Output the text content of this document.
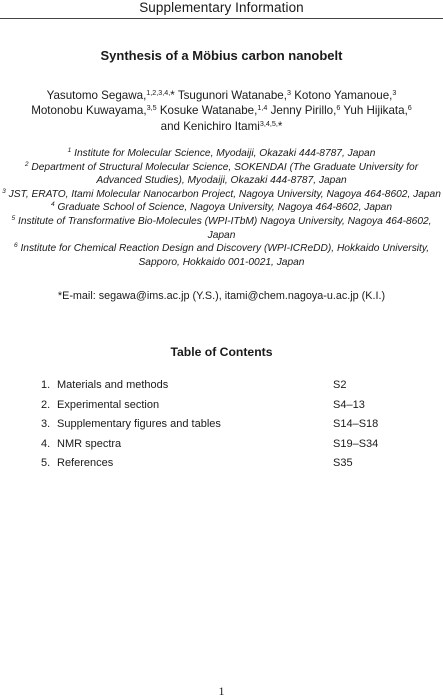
Supplementary Information
Synthesis of a Möbius carbon nanobelt
Yasutomo Segawa,$^{1,2,3,4,}$* Tsugunori Watanabe,$^3$ Kotono Yamanoue,$^3$
Motonobu Kuwayama,$^{3,5}$ Kosuke Watanabe,$^{1,4}$ Jenny Pirillo,$^6$ Yuh Hijikata,$^6$
and Kenichiro Itami$^{3,4,5,}$*

$^1$ Institute for Molecular Science, Myodaiji, Okazaki 444-8787, Japan

$^2$ Department of Structural Molecular Science, SOKENDAI (The Graduate University for Advanced Studies), Myodaiji, Okazaki 444-8787, Japan

$^3$ JST, ERATO, Itami Molecular Nanocarbon Project, Nagoya University, Nagoya 464-8602, Japan

$^4$ Graduate School of Science, Nagoya University, Nagoya 464-8602, Japan

$^5$ Institute of Transformative Bio-Molecules (WPI-ITbM) Nagoya University, Nagoya 464-8602, Japan

$^6$ Institute for Chemical Reaction Design and Discovery (WPI-ICReDD), Hokkaido University, Sapporo, Hokkaido 001-0021, Japan

*E-mail: segawa@ims.ac.jp (Y.S.), itami@chem.nagoya-u.ac.jp (K.I.)
Table of Contents
1. Materials and methods	S2
2. Experimental section	S4–13
3. Supplementary figures and tables	S14–S18
4. NMR spectra	S19–S34
5. References	S35
1
